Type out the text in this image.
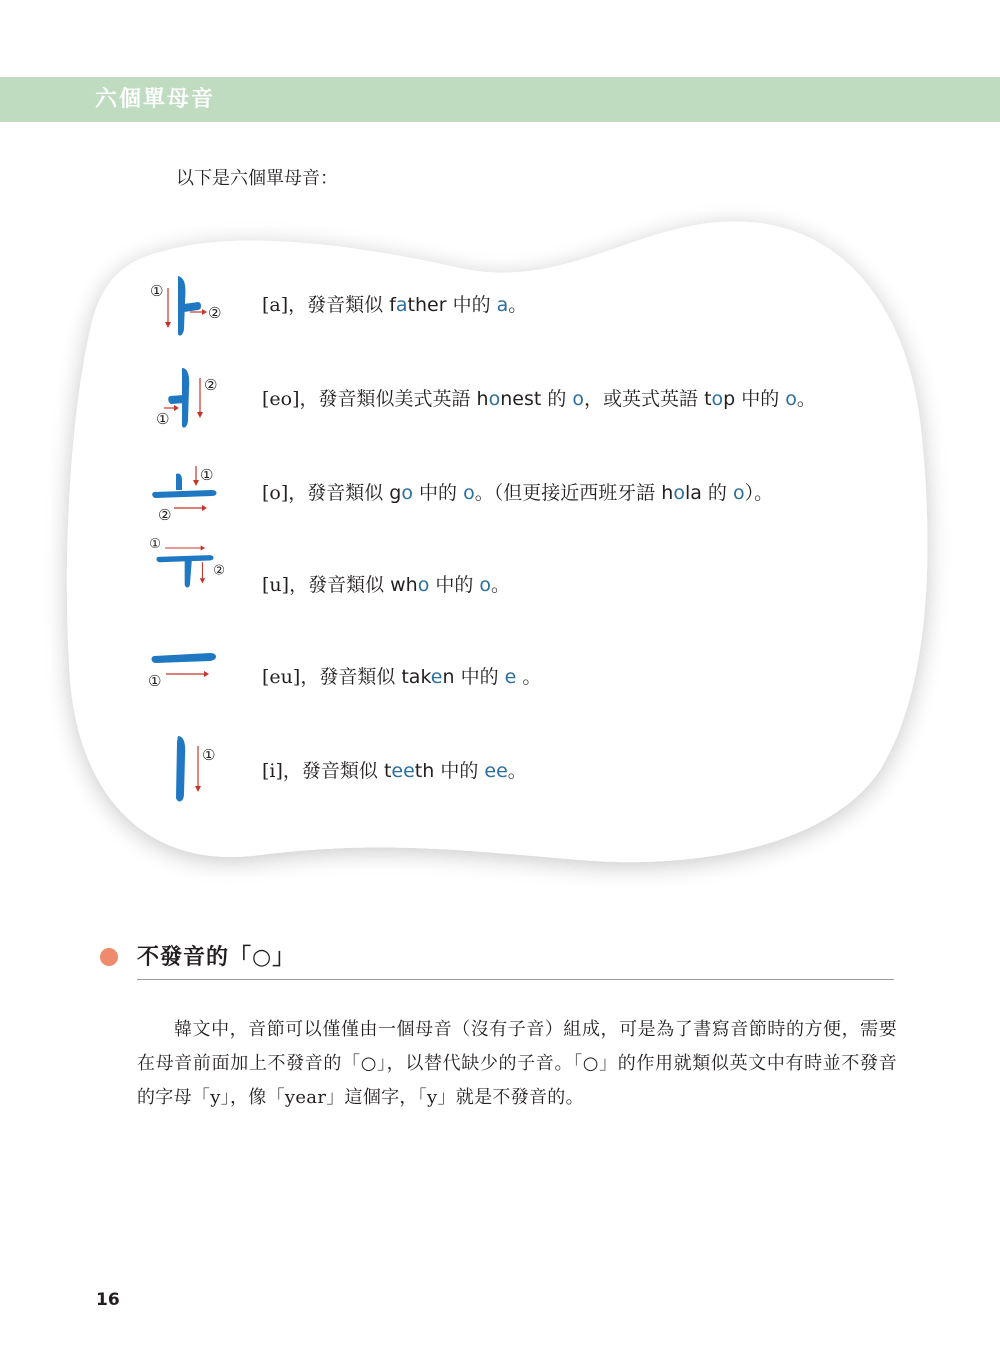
六個單母音
以下是六個單母音：
①
② [a]，發音類似 father 中的 a。
②
①
[eo]，發音類似美式英語 honest 的 o，或英式英語 top 中的 o。
①
②
[o]，發音類似 go 中的 o。（但更接近西班牙語 hola 的 o）。
①
②
[u]，發音類似 who 中的 o。
①	[eu]，發音類似 taken 中的 e 。
①
[i]，發音類似 teeth 中的 ee。
不發音的「○」
韓文中，音節可以僅僅由一個母音（沒有子音）組成，可是為了書寫音節時的方便，需要在母音前面加上不發音的「○」，以替代缺少的子音。「○」的作用就類似英文中有時並不發音的字母「y」，像「year」這個字，「y」就是不發音的。
16
